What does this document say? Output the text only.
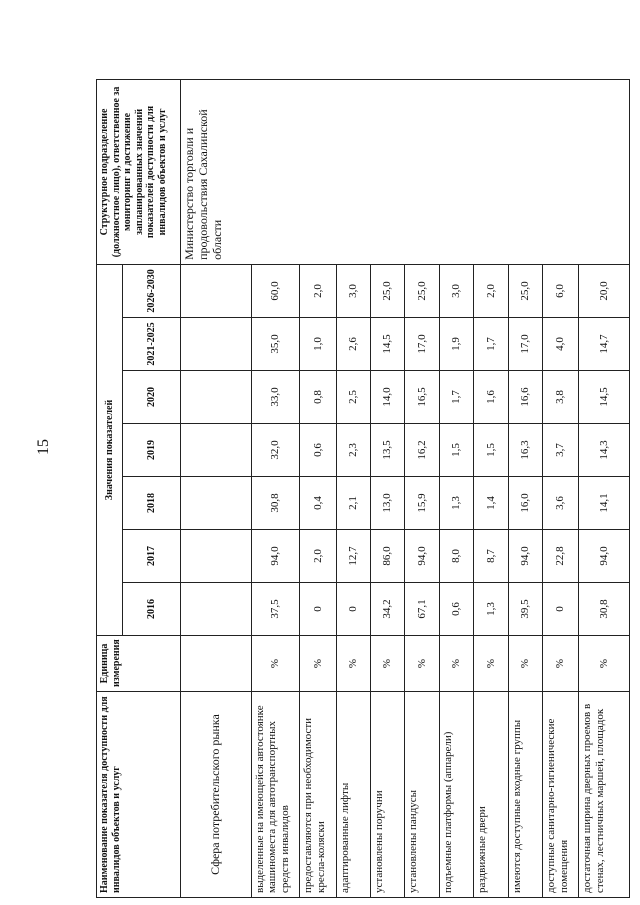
15
Наименование показателя доступности для инвалидов объектов и услуг	Единица измерения	Значения показателей							Структурное подразделение (должностное лицо), ответственное за мониторинг и достижение запланированных значений показателей доступности для инвалидов объектов и услуг
		2016	2017	2018	2019	2020	2021-2025	2026-2030	
Сфера потребительского рынка									Министерство торговли и продовольствия Сахалинской области
выделенные на имеющейся автостоянке машиноместа для автотранспортных средств инвалидов	%	37,5	94,0	30,8	32,0	33,0	35,0	60,0	
предоставляются при необходимости кресла-коляски	%	0	2,0	0,4	0,6	0,8	1,0	2,0	
адаптированные лифты	%	0	12,7	2,1	2,3	2,5	2,6	3,0	
установлены поручни	%	34,2	86,0	13,0	13,5	14,0	14,5	25,0	
установлены пандусы	%	67,1	94,0	15,9	16,2	16,5	17,0	25,0	
подъемные платформы (аппарели)	%	0,6	8,0	1,3	1,5	1,7	1,9	3,0	
раздвижные двери	%	1,3	8,7	1,4	1,5	1,6	1,7	2,0	
имеются доступные входные группы	%	39,5	94,0	16,0	16,3	16,6	17,0	25,0	
доступные санитарно-гигиенические помещения	%	0	22,8	3,6	3,7	3,8	4,0	6,0	
достаточная ширина дверных проемов в стенах, лестничных маршей, площадок	%	30,8	94,0	14,1	14,3	14,5	14,7	20,0	
